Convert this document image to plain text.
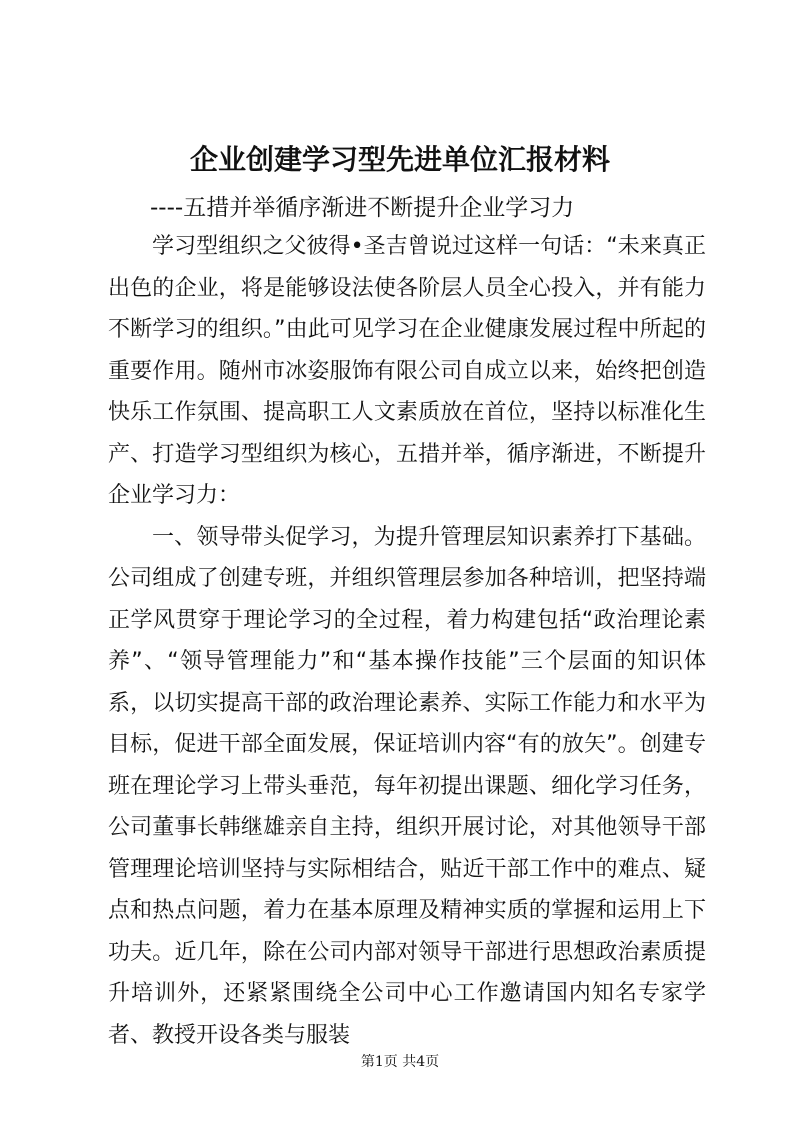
企业创建学习型先进单位汇报材料
----五措并举循序渐进不断提升企业学习力

学习型组织之父彼得•圣吉曾说过这样一句话：“未来真正出色的企业，将是能够设法使各阶层人员全心投入，并有能力不断学习的组织。”由此可见学习在企业健康发展过程中所起的重要作用。随州市冰姿服饰有限公司自成立以来，始终把创造快乐工作氛围、提高职工人文素质放在首位，坚持以标准化生产、打造学习型组织为核心，五措并举，循序渐进，不断提升企业学习力：

一、领导带头促学习，为提升管理层知识素养打下基础。公司组成了创建专班，并组织管理层参加各种培训，把坚持端正学风贯穿于理论学习的全过程，着力构建包括“政治理论素养”、“领导管理能力”和“基本操作技能”三个层面的知识体系，以切实提高干部的政治理论素养、实际工作能力和水平为目标，促进干部全面发展，保证培训内容“有的放矢”。创建专班在理论学习上带头垂范，每年初提出课题、细化学习任务，公司董事长韩继雄亲自主持，组织开展讨论，对其他领导干部管理理论培训坚持与实际相结合，贴近干部工作中的难点、疑点和热点问题，着力在基本原理及精神实质的掌握和运用上下功夫。近几年，除在公司内部对领导干部进行思想政治素质提升培训外，还紧紧围绕全公司中心工作邀请国内知名专家学者、教授开设各类与服装

第1页 共4页
